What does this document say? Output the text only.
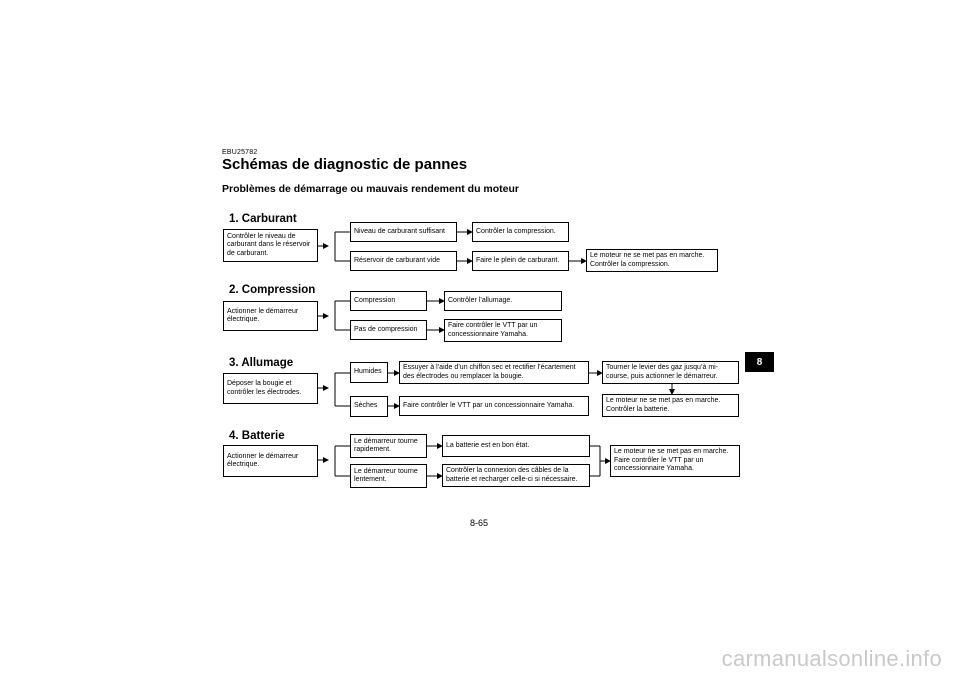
EBU25782
Schémas de diagnostic de pannes
Problèmes de démarrage ou mauvais rendement du moteur
1. Carburant
Contrôler le niveau de carburant dans le réservoir de carburant.
Niveau de carburant suffisant	Contrôler la compression.
Réservoir de carburant vide	Faire le plein de carburant.
Le moteur ne se met pas en marche. Contrôler la compression.
2. Compression
Actionner le démarreur électrique.
Compression	Contrôler l’allumage.
Pas de compression
Faire contrôler le VTT par un concessionnaire Yamaha.
3. Allumage
Déposer la bougie et contrôler les électrodes.
Humides
Essuyer à l’aide d’un chiffon sec et rectifier l’écartement des électrodes ou remplacer la bougie.
Tourner le levier des gaz jusqu’à mi-course, puis actionner le démarreur.
Sèches	Faire contrôler le VTT par un concessionnaire Yamaha.
Le moteur ne se met pas en marche. Contrôler la batterie.
4. Batterie
Actionner le démarreur électrique.
Le démarreur tourne rapidement.
La batterie est en bon état.
Le démarreur tourne lentement.
Contrôler la connexion des câbles de la batterie et recharger celle-ci si nécessaire.
Le moteur ne se met pas en marche. Faire contrôler le VTT par un concessionnaire Yamaha.
8
8-65
carmanualsonline.info
